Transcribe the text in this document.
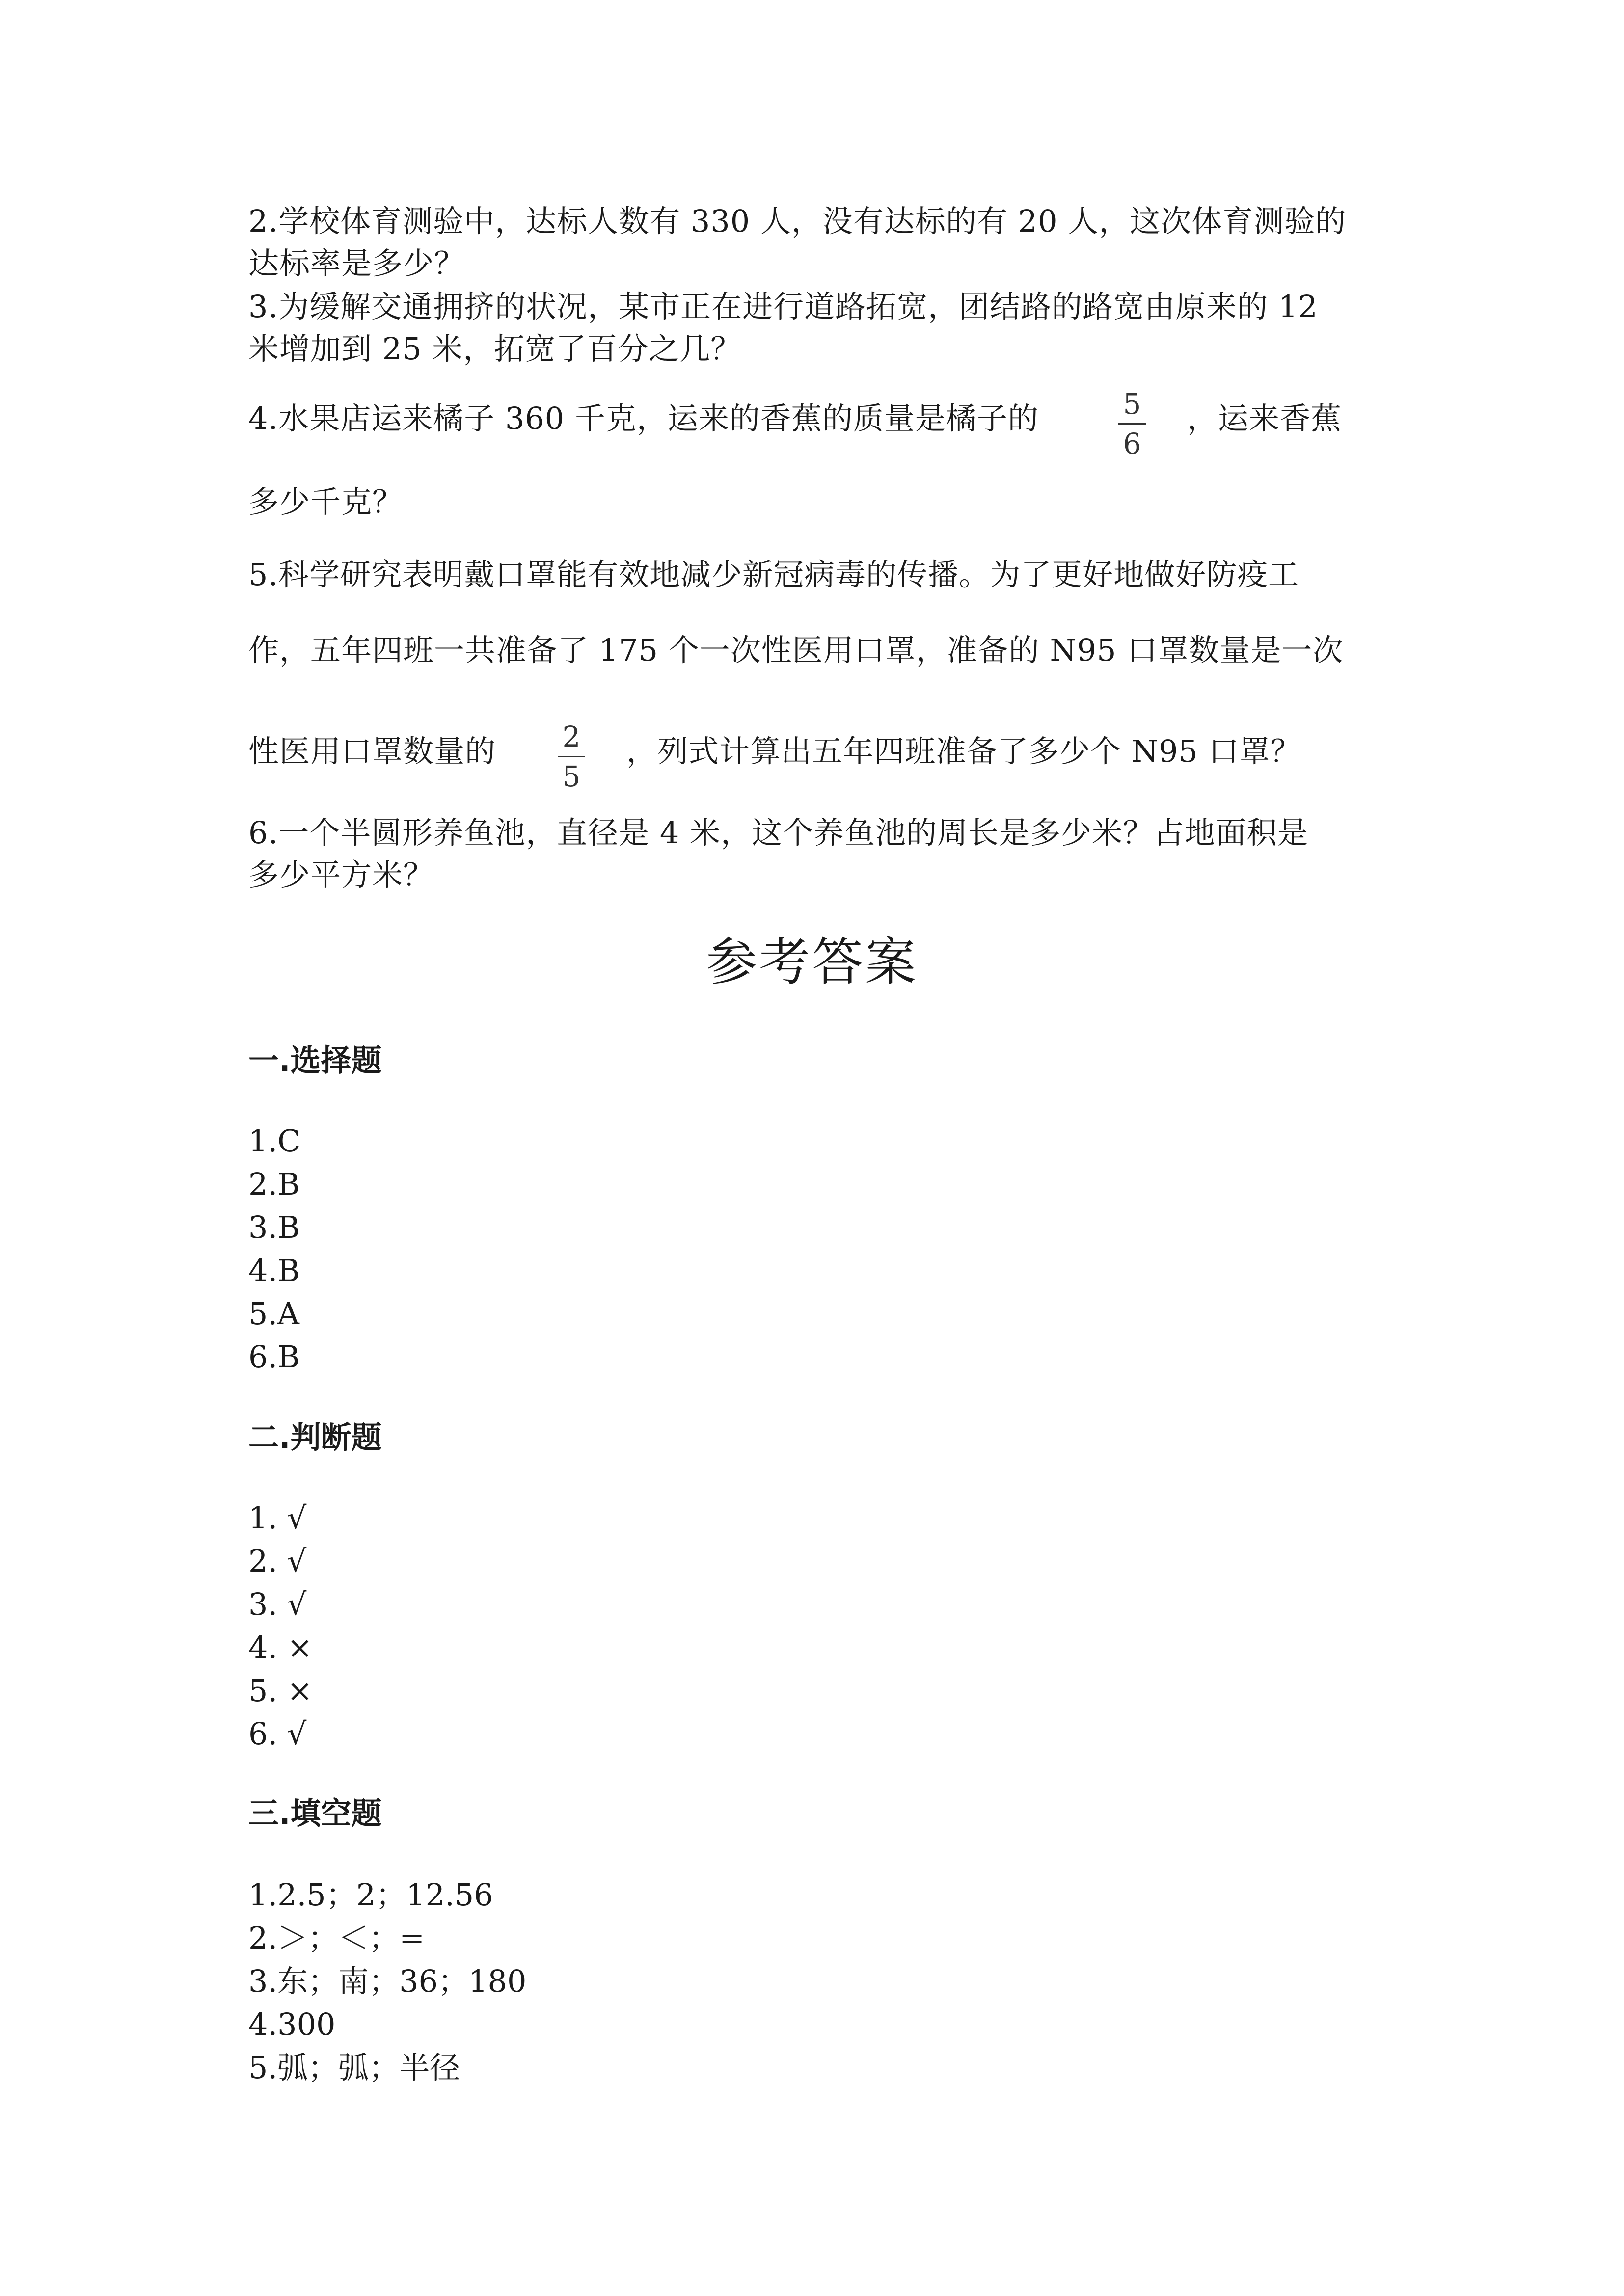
2.学校体育测验中，达标人数有 330 人，没有达标的有 20 人，这次体育测验的
达标率是多少？
3.为缓解交通拥挤的状况，某市正在进行道路拓宽，团结路的路宽由原来的 12
米增加到 25 米，拓宽了百分之几？
4.水果店运来橘子 360 千克，运来的香蕉的质量是橘子的	5
6
，运来香蕉
多少千克？
5.科学研究表明戴口罩能有效地减少新冠病毒的传播。为了更好地做好防疫工
作，五年四班一共准备了 175 个一次性医用口罩，准备的 N95 口罩数量是一次
性医用口罩数量的 2
5
，列式计算出五年四班准备了多少个 N95 口罩？
6.一个半圆形养鱼池，直径是 4 米，这个养鱼池的周长是多少米？占地面积是
多少平方米？
参考答案
一.选择题
1.C
2.B
3.B
4.B
5.A
6.B
二.判断题
1. √
2. √
3. √
4. ×
5. ×
6. √
三.填空题
1.2.5；2；12.56
2.＞；＜；=
3.东；南；36；180
4.300
5.弧；弧；半径
